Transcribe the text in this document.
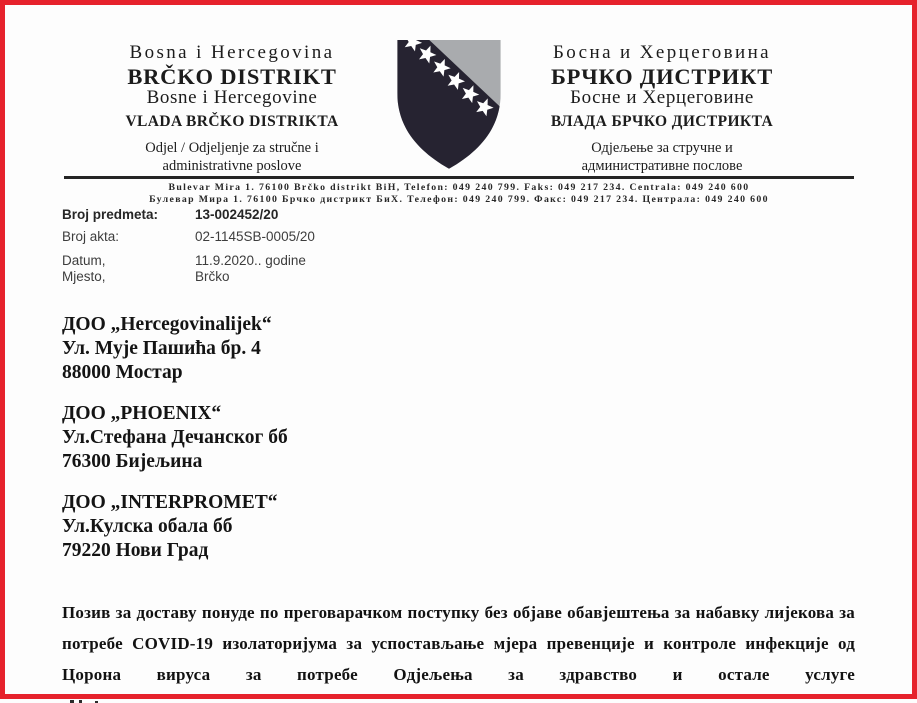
Bosna i Hercegovina
BRČKO DISTRIKT
Bosne i Hercegovine
VLADA BRČKO DISTRIKTA
Odjel / Odjeljenje za stručne i
administrativne poslove
Босна и Херцеговина
БРЧКО ДИСТРИКТ
Босне и Херцеговине
ВЛАДА БРЧКО ДИСТРИКТА
Одјељење за стручне и
административне послове
Bulevar Mira 1. 76100 Brčko distrikt BiH, Telefon: 049 240 799. Faks: 049 217 234. Centrala: 049 240 600
Булевар Мира 1. 76100 Брчко дистрикт БиХ. Телефон: 049 240 799. Факс: 049 217 234. Централа: 049 240 600
Broj predmeta:	13-002452/20
Broj akta:	02-1145SB-0005/20
Datum,	11.9.2020.. godine
Mjesto,	Brčko
ДОО „Hercegovinalijek“
Ул. Мује Пашића бр. 4
88000 Мостар
ДОО „PHOENIX“
Ул.Стефана Дечанског бб
76300 Бијељина
ДОО „INTERPROMET“
Ул.Кулска обала бб
79220 Нови Град
Позив за доставу понуде по преговарачком поступку без објаве обавјештења за набавку лијекова за потребе COVID-19 изолаторијума за успостављање мјера превенције и контроле инфекције од Цорона вируса за потребе Одјељења за здравство и остале услуге
